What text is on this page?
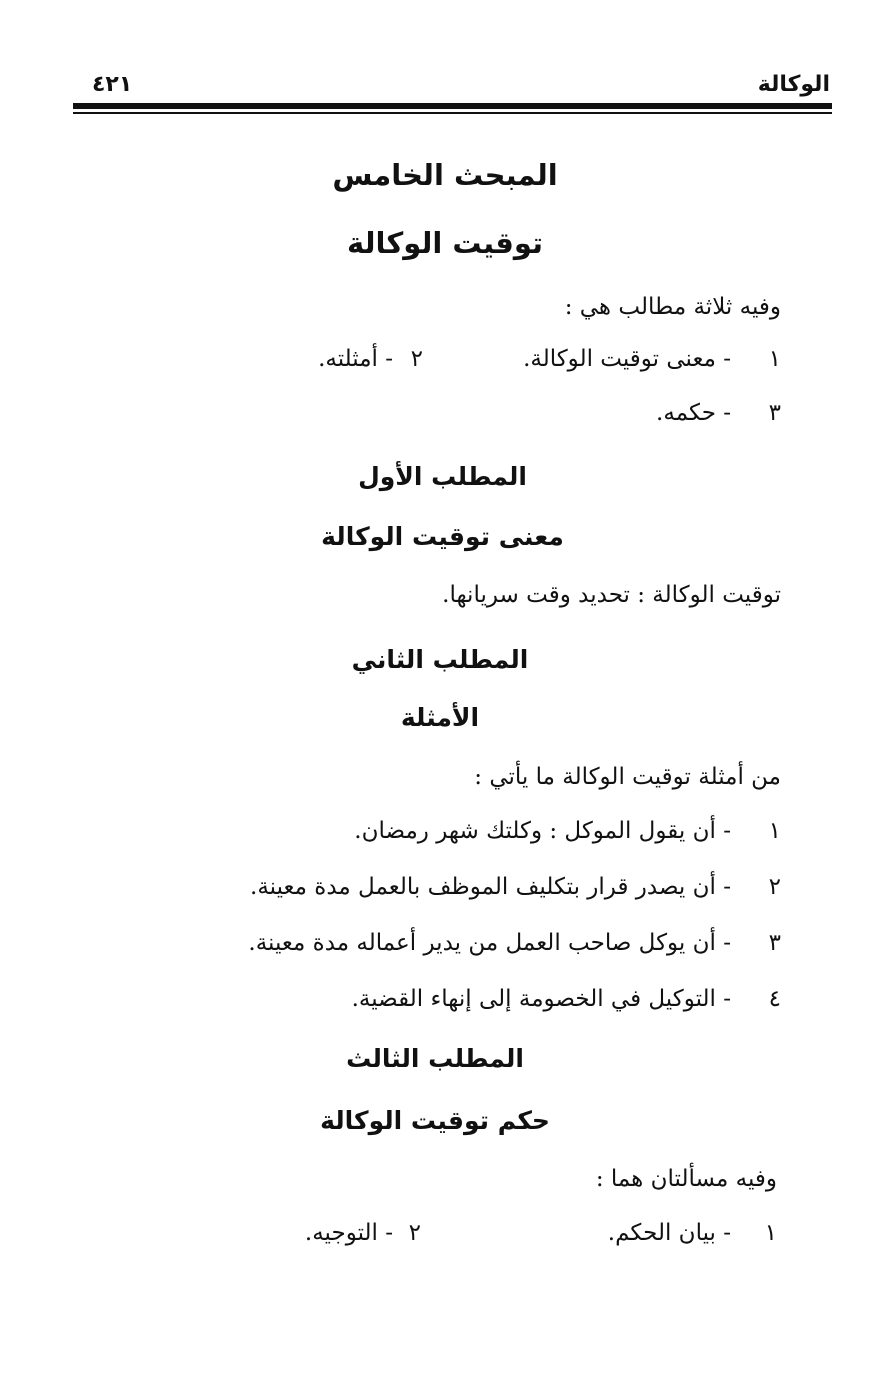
الوكالة
٤٢١
المبحث الخامس
توقيت الوكالة
وفيه ثلاثة مطالب هي :
١
- معنى توقيت الوكالة.
٢
- أمثلته.
٣
- حكمه.
المطلب الأول
معنى توقيت الوكالة
توقيت الوكالة : تحديد وقت سريانها.
المطلب الثاني
الأمثلة
من أمثلة توقيت الوكالة ما يأتي :
١
- أن يقول الموكل : وكلتك شهر رمضان.
٢
- أن يصدر قرار بتكليف الموظف بالعمل مدة معينة.
٣
- أن يوكل صاحب العمل من يدير أعماله مدة معينة.
٤
- التوكيل في الخصومة إلى إنهاء القضية.
المطلب الثالث
حكم توقيت الوكالة
وفيه مسألتان هما :
١
- بيان الحكم.
٢
- التوجيه.
